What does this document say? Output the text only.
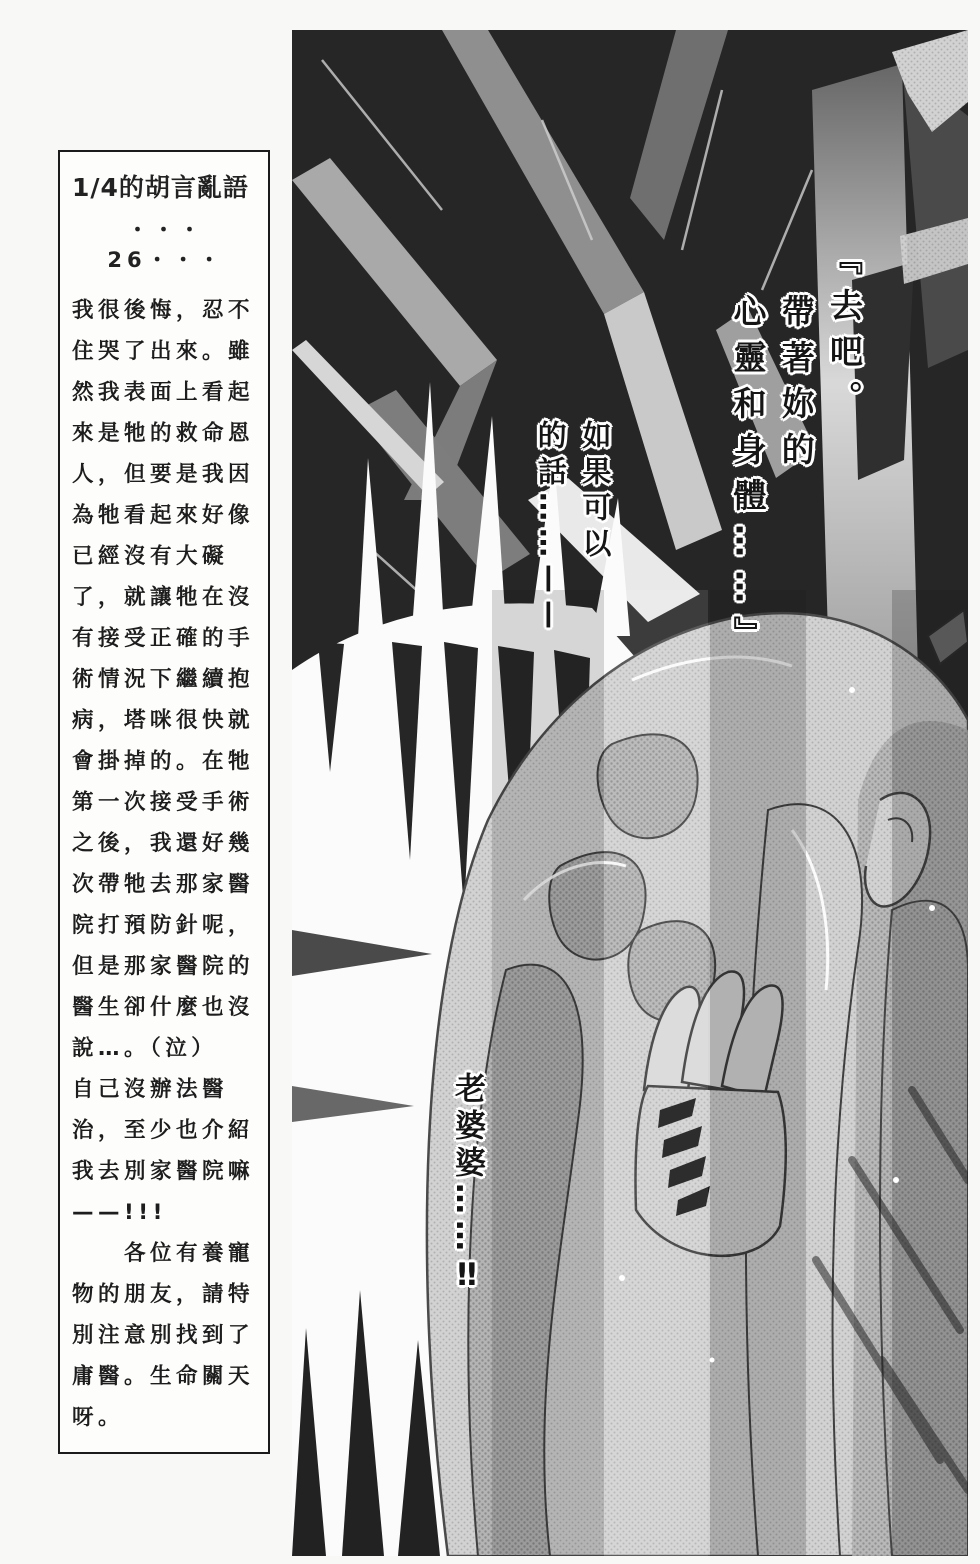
1/4的胡言亂語
・・・26・・・
我很後悔，忍不
住哭了出來。雖
然我表面上看起
來是牠的救命恩
人，但要是我因
為牠看起來好像
已經沒有大礙
了，就讓牠在沒
有接受正確的手
術情況下繼續抱
病，塔咪很快就
會掛掉的。在牠
第一次接受手術
之後，我還好幾
次帶牠去那家醫
院打預防針呢，
但是那家醫院的
醫生卻什麼也沒
說…。（泣）
自己沒辦法醫
治，至少也介紹
我去別家醫院嘛
——!!!
　　各位有養寵
物的朋友，請特
別注意別找到了
庸醫。生命關天
呀。
『去吧。
帶著妳的
心靈和身體……』
如果可以
的話……——
老婆婆……‼
